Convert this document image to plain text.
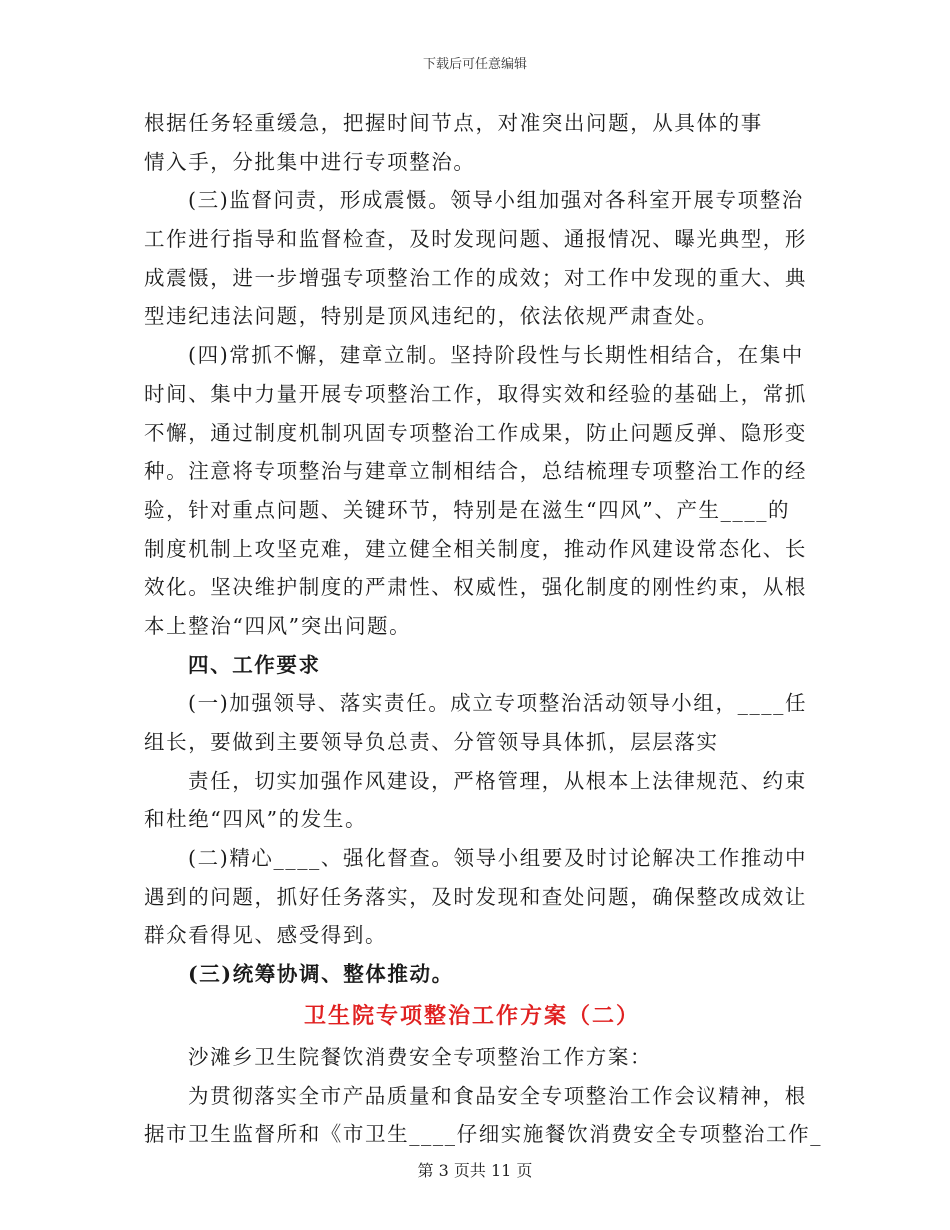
下载后可任意编辑
根据任务轻重缓急，把握时间节点，对准突出问题，从具体的事
情入手，分批集中进行专项整治。
(三)监督问责，形成震慑。领导小组加强对各科室开展专项整治
工作进行指导和监督检查，及时发现问题、通报情况、曝光典型，形
成震慑，进一步增强专项整治工作的成效；对工作中发现的重大、典
型违纪违法问题，特别是顶风违纪的，依法依规严肃查处。
(四)常抓不懈，建章立制。坚持阶段性与长期性相结合，在集中
时间、集中力量开展专项整治工作，取得实效和经验的基础上，常抓
不懈，通过制度机制巩固专项整治工作成果，防止问题反弹、隐形变
种。注意将专项整治与建章立制相结合，总结梳理专项整治工作的经
验，针对重点问题、关键环节，特别是在滋生“四风”、产生____的
制度机制上攻坚克难，建立健全相关制度，推动作风建设常态化、长
效化。坚决维护制度的严肃性、权威性，强化制度的刚性约束，从根
本上整治“四风”突出问题。
四、工作要求
(一)加强领导、落实责任。成立专项整治活动领导小组，____任
组长，要做到主要领导负总责、分管领导具体抓，层层落实
责任，切实加强作风建设，严格管理，从根本上法律规范、约束
和杜绝“四风”的发生。
(二)精心____、强化督查。领导小组要及时讨论解决工作推动中
遇到的问题，抓好任务落实，及时发现和查处问题，确保整改成效让
群众看得见、感受得到。
(三)统筹协调、整体推动。
卫生院专项整治工作方案（二）
沙滩乡卫生院餐饮消费安全专项整治工作方案：
为贯彻落实全市产品质量和食品安全专项整治工作会议精神，根
据市卫生监督所和《市卫生____仔细实施餐饮消费安全专项整治工作_
第 3 页共 11 页
